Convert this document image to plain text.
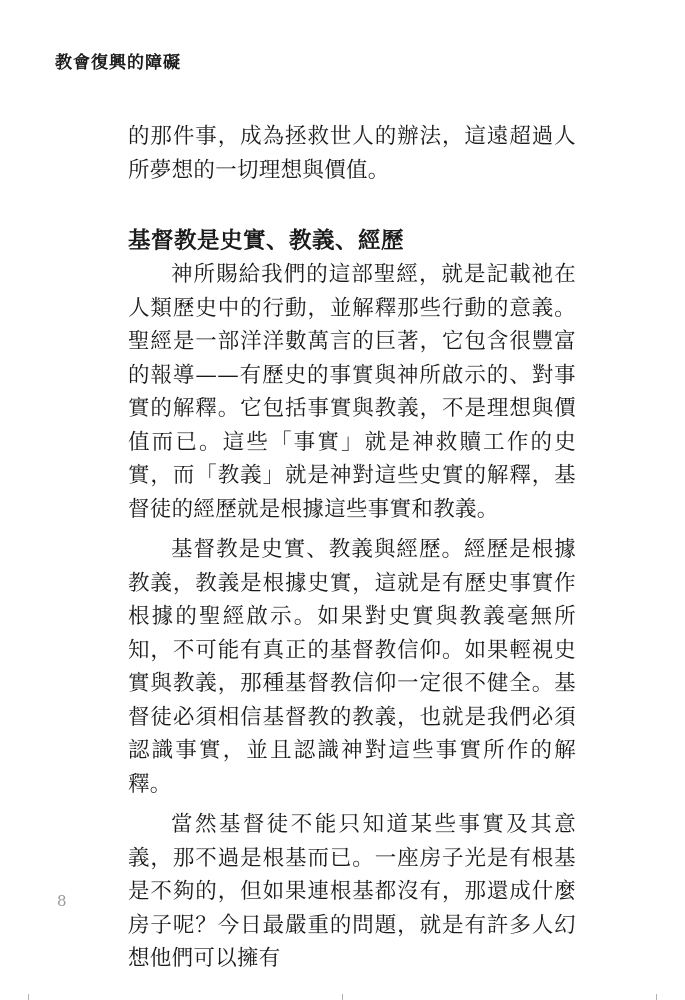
教會復興的障礙

的那件事，成為拯救世人的辦法，這遠超過人所夢想的一切理想與價值。

基督教是史實、教義、經歷

神所賜給我們的這部聖經，就是記載祂在人類歷史中的行動，並解釋那些行動的意義。聖經是一部洋洋數萬言的巨著，它包含很豐富的報導——有歷史的事實與神所啟示的、對事實的解釋。它包括事實與教義，不是理想與價值而已。這些「事實」就是神救贖工作的史實，而「教義」就是神對這些史實的解釋，基督徒的經歷就是根據這些事實和教義。

基督教是史實、教義與經歷。經歷是根據教義，教義是根據史實，這就是有歷史事實作根據的聖經啟示。如果對史實與教義毫無所知，不可能有真正的基督教信仰。如果輕視史實與教義，那種基督教信仰一定很不健全。基督徒必須相信基督教的教義，也就是我們必須認識事實，並且認識神對這些事實所作的解釋。

當然基督徒不能只知道某些事實及其意義，那不過是根基而已。一座房子光是有根基是不夠的，但如果連根基都沒有，那還成什麼房子呢？今日最嚴重的問題，就是有許多人幻想他們可以擁有

8
